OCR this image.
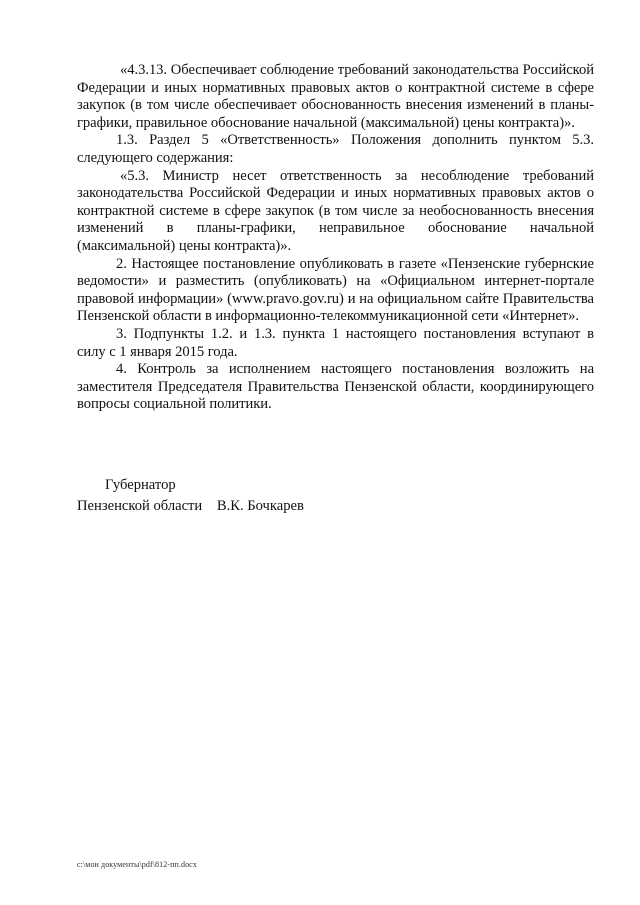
«4.3.13. Обеспечивает соблюдение требований законодательства Российской Федерации и иных нормативных правовых актов о контрактной системе в сфере закупок (в том числе обеспечивает обоснованность внесения изменений в планы-графики, правильное обоснование начальной (максимальной) цены контракта)».

1.3. Раздел 5 «Ответственность» Положения дополнить пунктом 5.3. следующего содержания:

«5.3. Министр несет ответственность за несоблюдение требований законодательства Российской Федерации и иных нормативных правовых актов о контрактной системе в сфере закупок (в том числе за необоснованность внесения изменений в планы-графики, неправильное обоснование начальной (максимальной) цены контракта)».

2. Настоящее постановление опубликовать в газете «Пензенские губернские ведомости» и разместить (опубликовать) на «Официальном интернет-портале правовой информации» (www.pravo.gov.ru) и на официальном сайте Правительства Пензенской области в информационно-телекоммуникационной сети «Интернет».

3. Подпункты 1.2. и 1.3. пункта 1 настоящего постановления вступают в силу с 1 января 2015 года.

4. Контроль за исполнением настоящего постановления возложить на заместителя Председателя Правительства Пензенской области, координирующего вопросы социальной политики.

Губернатор
Пензенской области В.К. Бочкарев
c:\мои документы\pdf\812-пп.docx
